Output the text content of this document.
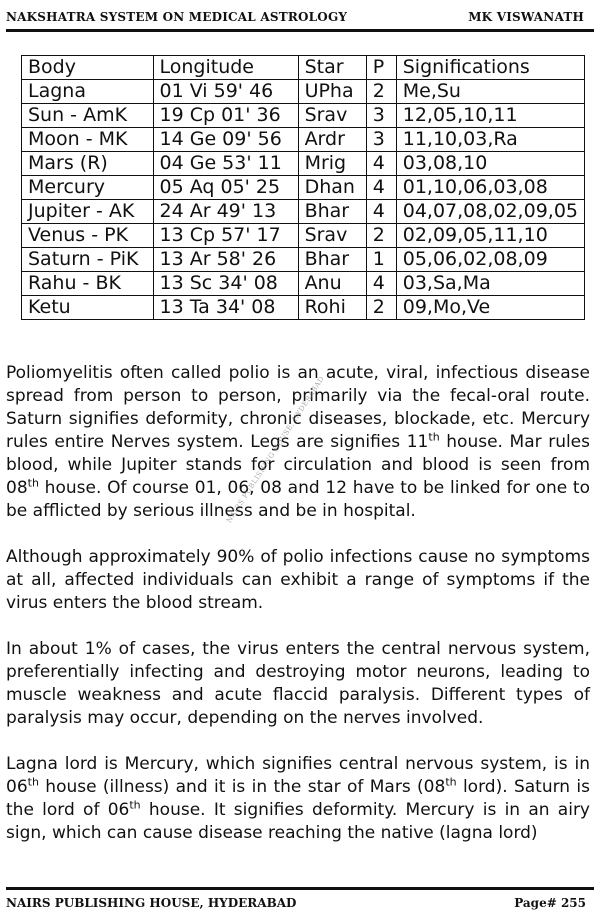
NAKSHATRA SYSTEM ON MEDICAL ASTROLOGY	MK VISWANATH
Body	Longitude	Star	P	Significations
Lagna	01 Vi 59' 46	UPha	2	Me,Su
Sun - AmK	19 Cp 01' 36	Srav	3	12,05,10,11
Moon - MK	14 Ge 09' 56	Ardr	3	11,10,03,Ra
Mars (R)	04 Ge 53' 11	Mrig	4	03,08,10
Mercury	05 Aq 05' 25	Dhan	4	01,10,06,03,08
Jupiter - AK	24 Ar 49' 13	Bhar	4	04,07,08,02,09,05
Venus - PK	13 Cp 57' 17	Srav	2	02,09,05,11,10
Saturn - PiK	13 Ar 58' 26	Bhar	1	05,06,02,08,09
Rahu - BK	13 Sc 34' 08	Anu	4	03,Sa,Ma
Ketu	13 Ta 34' 08	Rohi	2	09,Mo,Ve

Poliomyelitis often called polio is an acute, viral, infectious disease spread from person to person, primarily via the fecal-oral route. Saturn signifies deformity, chronic diseases, blockade, etc. Mercury rules entire Nerves system. Legs are signifies 11th house. Mar rules blood, while Jupiter stands for circulation and blood is seen from 08th house. Of course 01, 06, 08 and 12 have to be linked for one to be afflicted by serious illness and be in hospital.

Although approximately 90% of polio infections cause no symptoms at all, affected individuals can exhibit a range of symptoms if the virus enters the blood stream.

In about 1% of cases, the virus enters the central nervous system, preferentially infecting and destroying motor neurons, leading to muscle weakness and acute flaccid paralysis. Different types of paralysis may occur, depending on the nerves involved.

Lagna lord is Mercury, which signifies central nervous system, is in 06th house (illness) and it is in the star of Mars (08th lord). Saturn is the lord of 06th house. It signifies deformity. Mercury is in an airy sign, which can cause disease reaching the native (lagna lord)

NAIRS PUBLISHING HOUSE, HYDERABAD
NAIRS PUBLISHING HOUSE, HYDERABAD	Page# 255
